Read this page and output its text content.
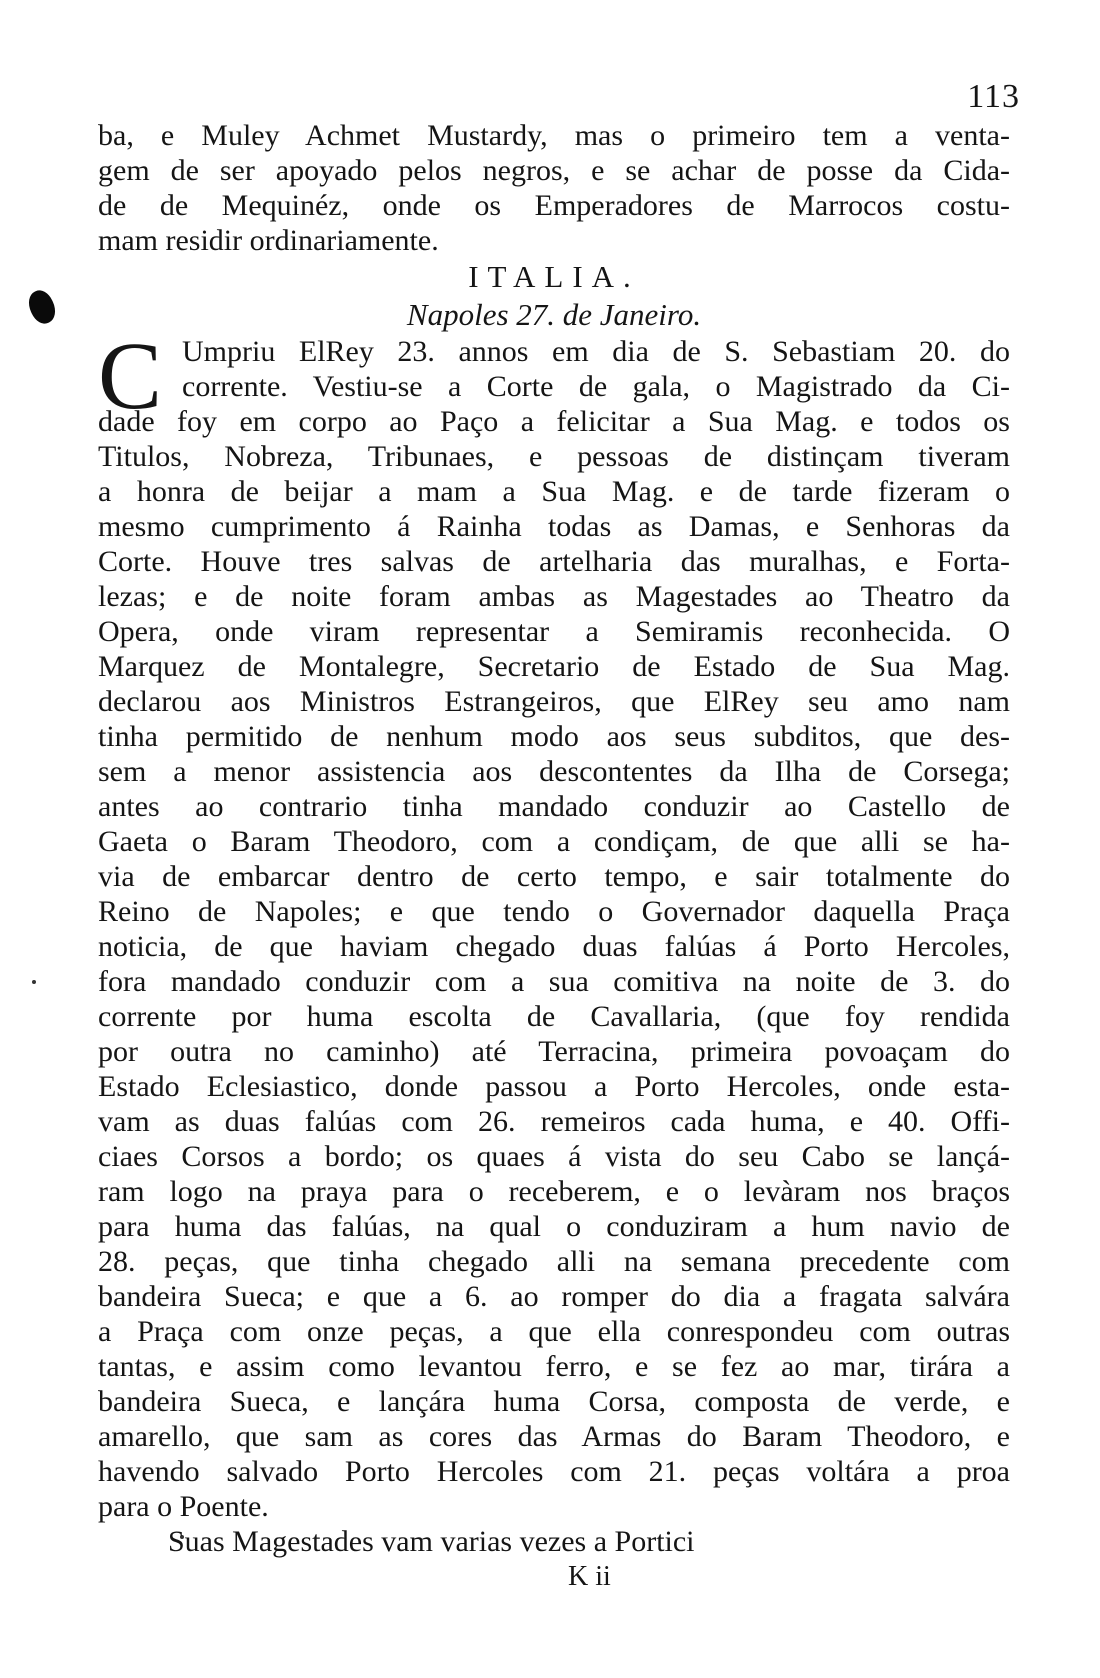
113
ba, e Muley Achmet Mustardy, mas o primeiro tem a venta-
gem de ser apoyado pelos negros, e se achar de posse da Cida-
de de Mequinéz, onde os Emperadores de Marrocos costu-
mam residir ordinariamente.
ITALIA.
Napoles 27. de Janeiro.
C Umpriu ElRey 23. annos em dia de S. Sebastiam 20. do
corrente. Vestiu-se a Corte de gala, o Magistrado da Ci-
dade foy em corpo ao Paço a felicitar a Sua Mag. e todos os
Titulos, Nobreza, Tribunaes, e pessoas de distinçam tiveram
a honra de beijar a mam a Sua Mag. e de tarde fizeram o
mesmo cumprimento á Rainha todas as Damas, e Senhoras da
Corte. Houve tres salvas de artelharia das muralhas, e Forta-
lezas; e de noite foram ambas as Magestades ao Theatro da
Opera, onde viram representar a Semiramis reconhecida. O
Marquez de Montalegre, Secretario de Estado de Sua Mag.
declarou aos Ministros Estrangeiros, que ElRey seu amo nam
tinha permitido de nenhum modo aos seus subditos, que des-
sem a menor assistencia aos descontentes da Ilha de Corsega;
antes ao contrario tinha mandado conduzir ao Castello de
Gaeta o Baram Theodoro, com a condiçam, de que alli se ha-
via de embarcar dentro de certo tempo, e sair totalmente do
Reino de Napoles; e que tendo o Governador daquella Praça
noticia, de que haviam chegado duas falúas á Porto Hercoles,
fora mandado conduzir com a sua comitiva na noite de 3. do
corrente por huma escolta de Cavallaria, (que foy rendida
por outra no caminho) até Terracina, primeira povoaçam do
Estado Eclesiastico, donde passou a Porto Hercoles, onde esta-
vam as duas falúas com 26. remeiros cada huma, e 40. Offi-
ciaes Corsos a bordo; os quaes á vista do seu Cabo se lançá-
ram logo na praya para o receberem, e o levàram nos braços
para huma das falúas, na qual o conduziram a hum navio de
28. peças, que tinha chegado alli na semana precedente com
bandeira Sueca; e que a 6. ao romper do dia a fragata salvára
a Praça com onze peças, a que ella conrespondeu com outras
tantas, e assim como levantou ferro, e se fez ao mar, tirára a
bandeira Sueca, e lançára huma Corsa, composta de verde, e
amarello, que sam as cores das Armas do Baram Theodoro, e
havendo salvado Porto Hercoles com 21. peças voltára a proa
para o Poente.
Suas Magestades vam varias vezes a Portici
K ii
